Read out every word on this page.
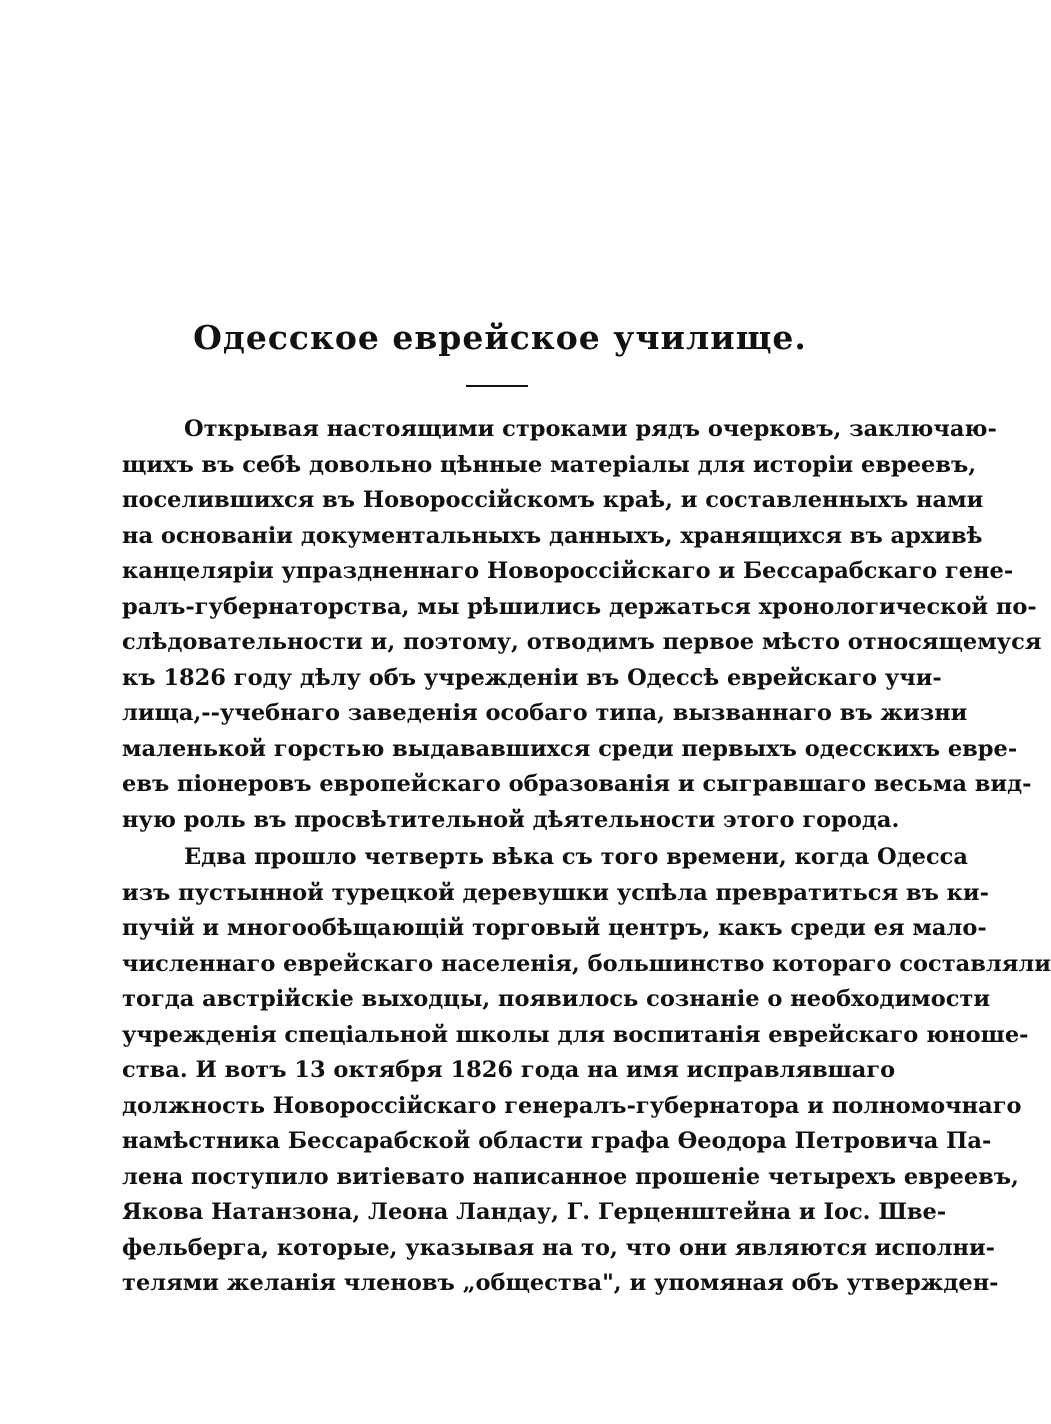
Одесское еврейское училище.
Открывая настоящими строками рядъ очерковъ, заключаю-
щихъ въ себѣ довольно цѣнные матеріалы для исторіи евреевъ,
поселившихся въ Новороссійскомъ краѣ, и составленныхъ нами
на основаніи документальныхъ данныхъ, хранящихся въ архивѣ
канцеляріи упраздненнаго Новороссійскаго и Бессарабскаго гене-
ралъ-губернаторства, мы рѣшились держаться хронологической по-
слѣдовательности и, поэтому, отводимъ первое мѣсто относящемуся
къ 1826 году дѣлу объ учрежденіи въ Одессѣ еврейскаго учи-
лища,--учебнаго заведенія особаго типа, вызваннаго въ жизни
маленькой горстью выдававшихся среди первыхъ одесскихъ евре-
евъ піонеровъ европейскаго образованія и сыгравшаго весьма вид-
ную роль въ просвѣтительной дѣятельности этого города.
Едва прошло четверть вѣка съ того времени, когда Одесса
изъ пустынной турецкой деревушки успѣла превратиться въ ки-
пучій и многообѣщающій торговый центръ, какъ среди ея мало-
численнаго еврейскаго населенія, большинство котораго составляли
тогда австрійскіе выходцы, появилось сознаніе о необходимости
учрежденія спеціальной школы для воспитанія еврейскаго юноше-
ства. И вотъ 13 октября 1826 года на имя исправлявшаго
должность Новороссійскаго генералъ-губернатора и полномочнаго
намѣстника Бессарабской области графа Ѳеодора Петровича Па-
лена поступило витіевато написанное прошеніе четырехъ евреевъ,
Якова Натанзона, Леона Ландау, Г. Герценштейна и Іос. Шве-
фельберга, которые, указывая на то, что они являются исполни-
телями желанія членовъ „общества", и упомяная объ утвержден-
